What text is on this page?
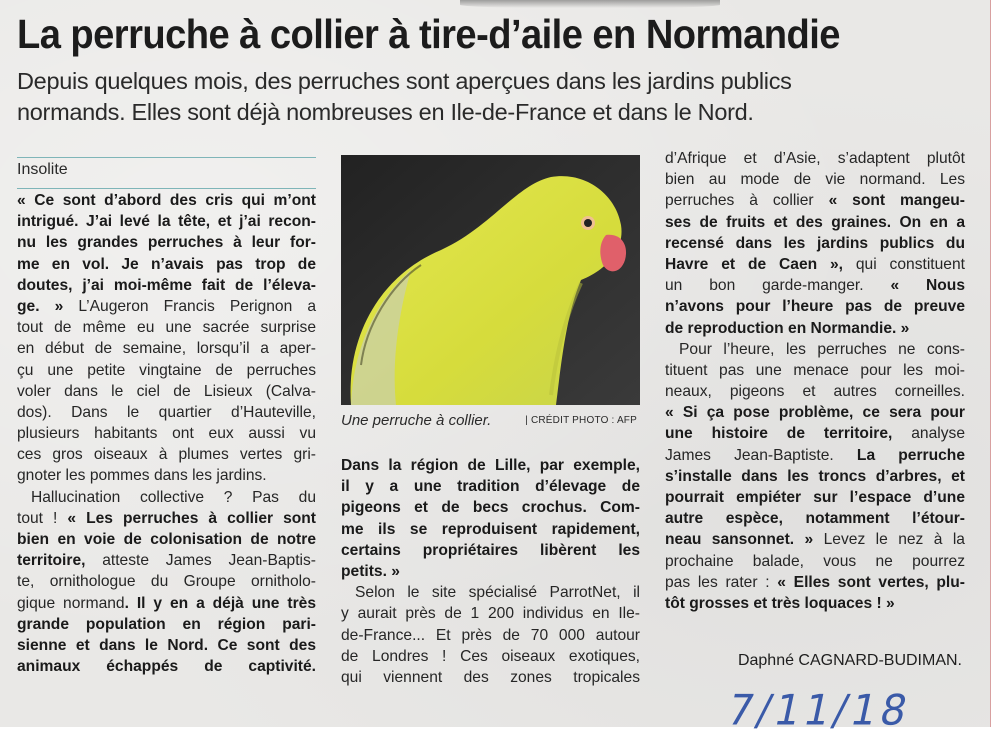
La perruche à collier à tire-d’aile en Normandie
Depuis quelques mois, des perruches sont aperçues dans les jardins publics
normands. Elles sont déjà nombreuses en Ile-de-France et dans le Nord.
Insolite
« Ce sont d’abord des cris qui m’ont
intrigué. J’ai levé la tête, et j’ai recon-
nu les grandes perruches à leur for-
me en vol. Je n’avais pas trop de
doutes, j’ai moi-même fait de l’éleva-
ge. » L’Augeron Francis Perignon a
tout de même eu une sacrée surprise
en début de semaine, lorsqu’il a aper-
çu une petite vingtaine de perruches
voler dans le ciel de Lisieux (Calva-
dos). Dans le quartier d’Hauteville,
plusieurs habitants ont eux aussi vu
ces gros oiseaux à plumes vertes gri-
gnoter les pommes dans les jardins.
Hallucination collective ? Pas du
tout ! « Les perruches à collier sont
bien en voie de colonisation de notre
territoire, atteste James Jean-Baptis-
te, ornithologue du Groupe ornitholo-
gique normand. Il y en a déjà une très
grande population en région pari-
sienne et dans le Nord. Ce sont des
animaux échappés de captivité.
Une perruche à collier.	| CRÉDIT PHOTO : AFP
Dans la région de Lille, par exemple,
il y a une tradition d’élevage de
pigeons et de becs crochus. Com-
me ils se reproduisent rapidement,
certains propriétaires libèrent les
petits. »
Selon le site spécialisé ParrotNet, il
y aurait près de 1 200 individus en Ile-
de-France... Et près de 70 000 autour
de Londres ! Ces oiseaux exotiques,
qui viennent des zones tropicales
d’Afrique et d’Asie, s’adaptent plutôt
bien au mode de vie normand. Les
perruches à collier « sont mangeu-
ses de fruits et des graines. On en a
recensé dans les jardins publics du
Havre et de Caen », qui constituent
un bon garde-manger. « Nous
n’avons pour l’heure pas de preuve
de reproduction en Normandie. »
Pour l’heure, les perruches ne cons-
tituent pas une menace pour les moi-
neaux, pigeons et autres corneilles.
« Si ça pose problème, ce sera pour
une histoire de territoire, analyse
James Jean-Baptiste. La perruche
s’installe dans les troncs d’arbres, et
pourrait empiéter sur l’espace d’une
autre espèce, notamment l’étour-
neau sansonnet. » Levez le nez à la
prochaine balade, vous ne pourrez
pas les rater : « Elles sont vertes, plu-
tôt grosses et très loquaces ! »
Daphné CAGNARD-BUDIMAN.
7/11/18
